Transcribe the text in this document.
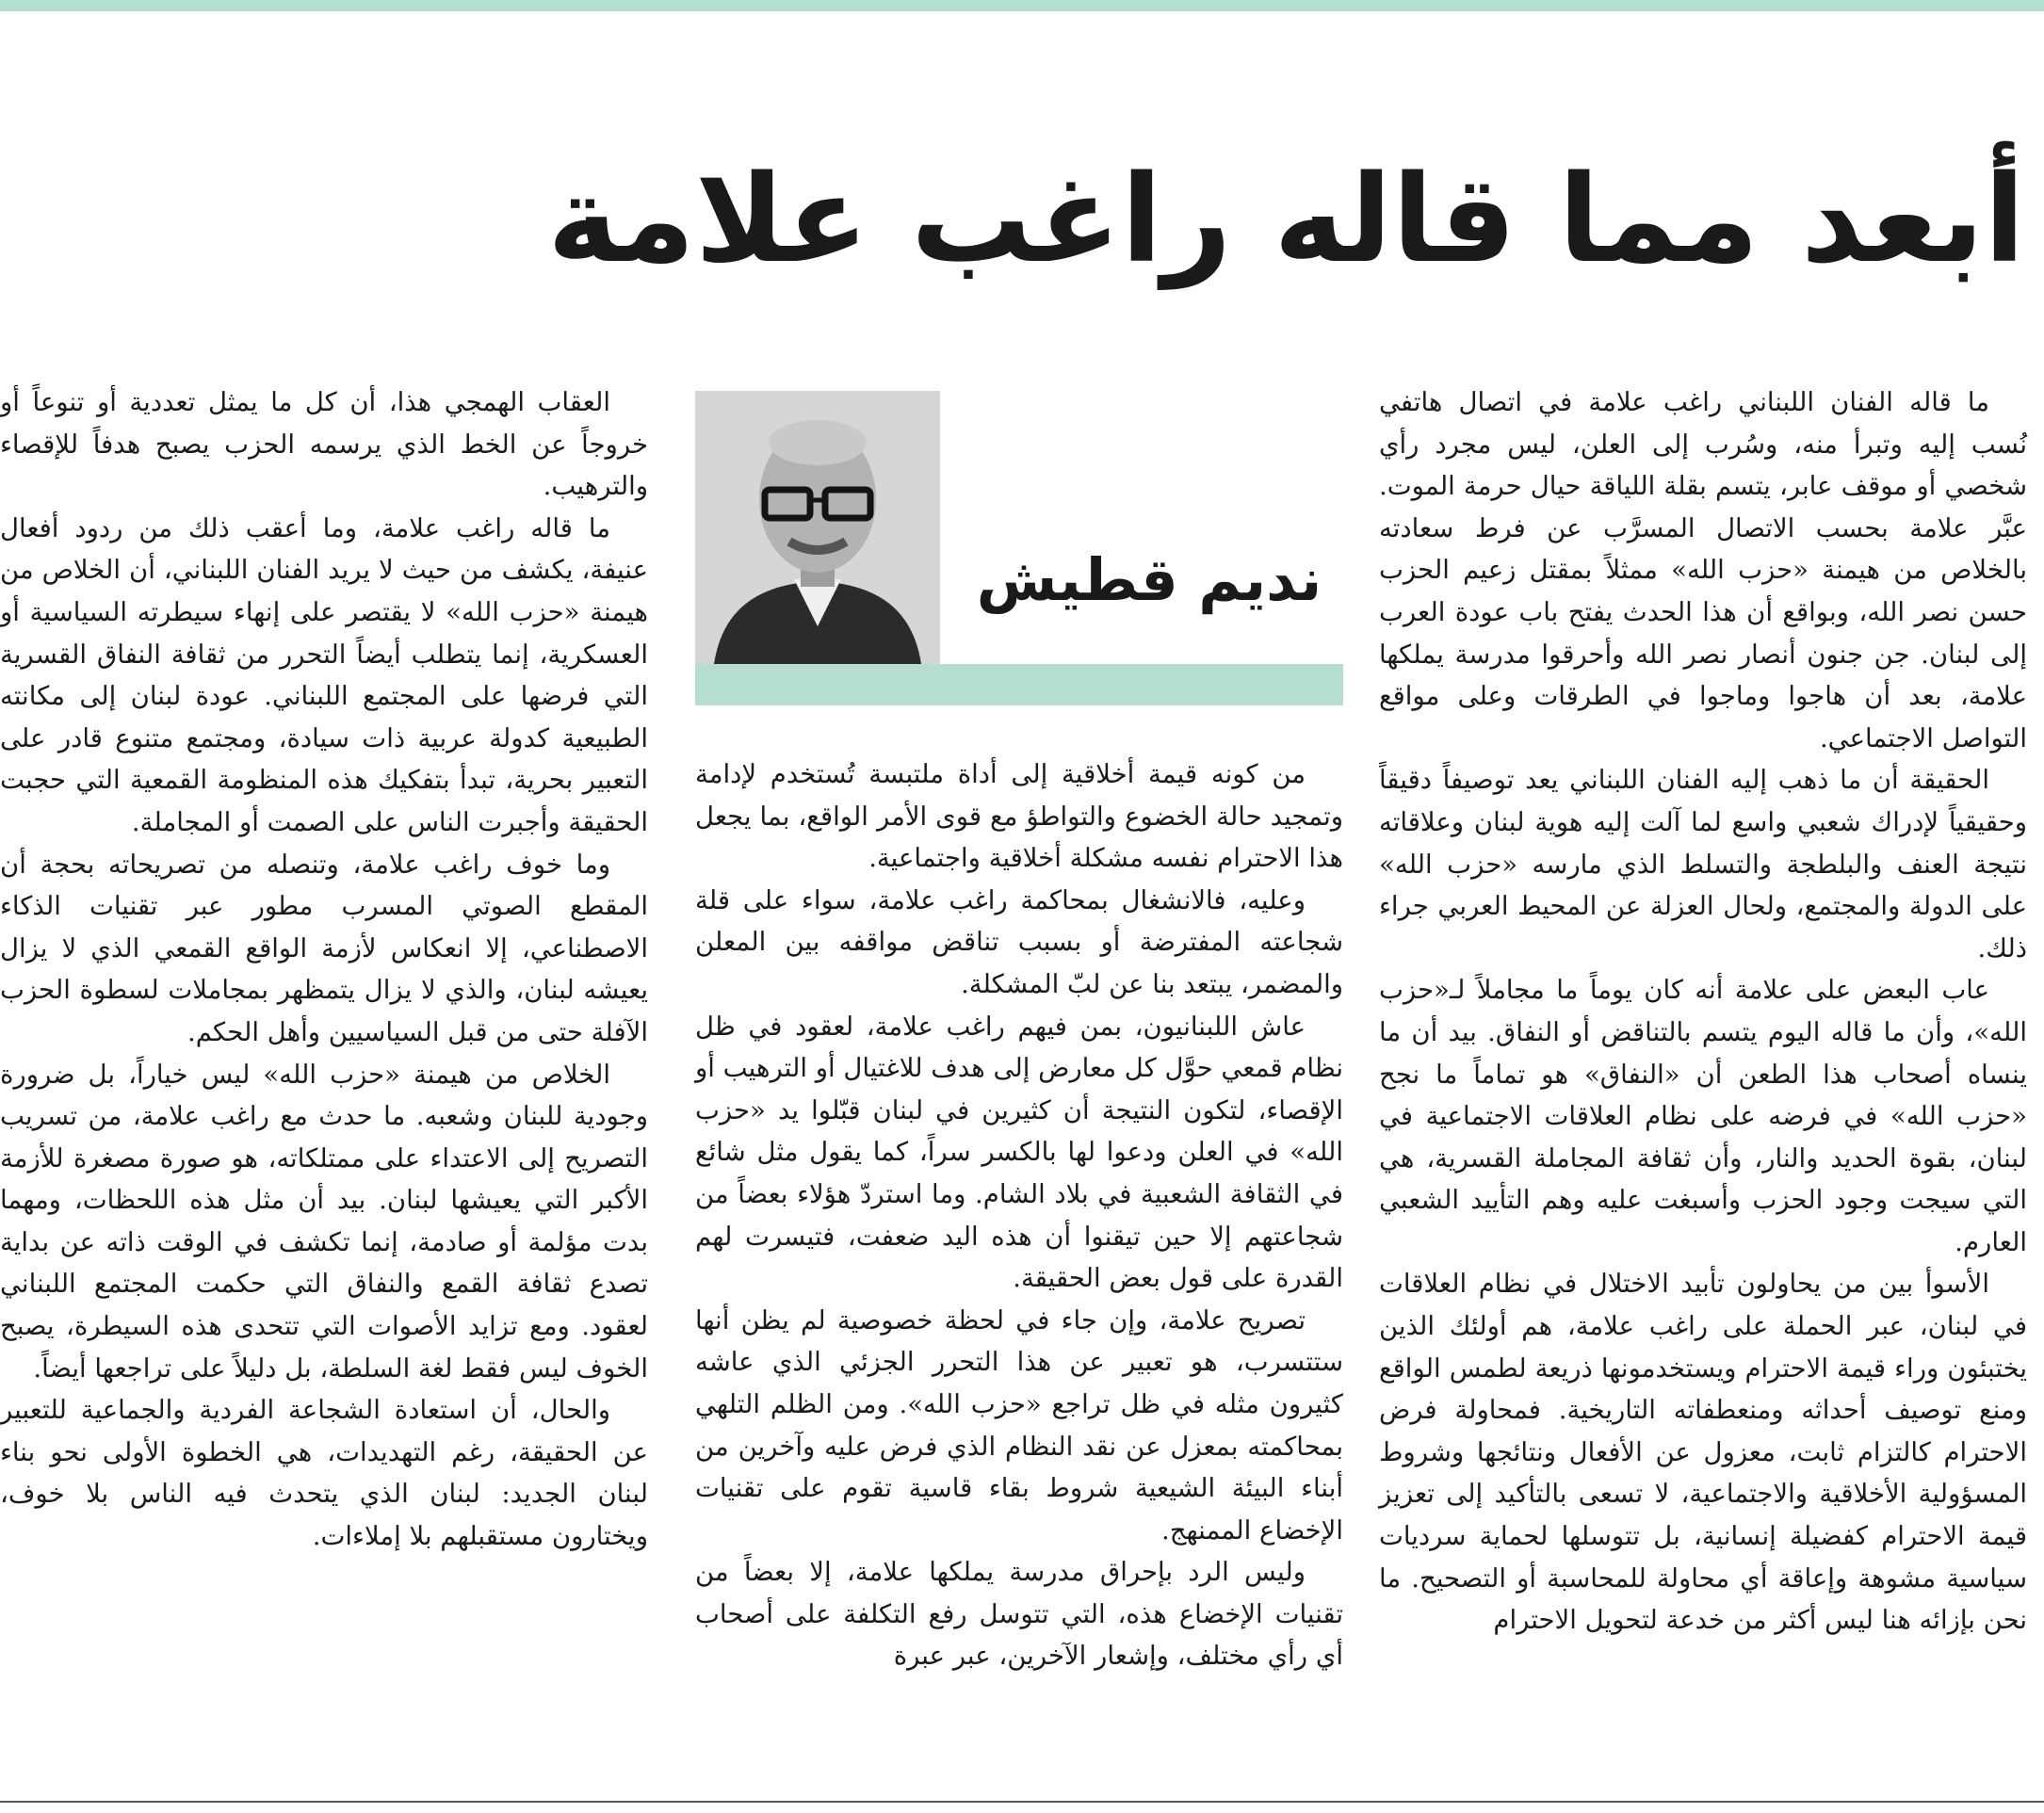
أبعد مما قاله راغب علامة
نديم قطيش

ما قاله الفنان اللبناني راغب علامة في اتصال هاتفي نُسب إليه وتبرأ منه، وسُرب إلى العلن، ليس مجرد رأي شخصي أو موقف عابر، يتسم بقلة اللياقة حيال حرمة الموت. عبَّر علامة بحسب الاتصال المسرَّب عن فرط سعادته بالخلاص من هيمنة «حزب الله» ممثلاً بمقتل زعيم الحزب حسن نصر الله، وبواقع أن هذا الحدث يفتح باب عودة العرب إلى لبنان. جن جنون أنصار نصر الله وأحرقوا مدرسة يملكها علامة، بعد أن هاجوا وماجوا في الطرقات وعلى مواقع التواصل الاجتماعي.

الحقيقة أن ما ذهب إليه الفنان اللبناني يعد توصيفاً دقيقاً وحقيقياً لإدراك شعبي واسع لما آلت إليه هوية لبنان وعلاقاته نتيجة العنف والبلطجة والتسلط الذي مارسه «حزب الله» على الدولة والمجتمع، ولحال العزلة عن المحيط العربي جراء ذلك.

عاب البعض على علامة أنه كان يوماً ما مجاملاً لـ«حزب الله»، وأن ما قاله اليوم يتسم بالتناقض أو النفاق. بيد أن ما ينساه أصحاب هذا الطعن أن «النفاق» هو تماماً ما نجح «حزب الله» في فرضه على نظام العلاقات الاجتماعية في لبنان، بقوة الحديد والنار، وأن ثقافة المجاملة القسرية، هي التي سيجت وجود الحزب وأسبغت عليه وهم التأييد الشعبي العارم.

الأسوأ بين من يحاولون تأبيد الاختلال في نظام العلاقات في لبنان، عبر الحملة على راغب علامة، هم أولئك الذين يختبئون وراء قيمة الاحترام ويستخدمونها ذريعة لطمس الواقع ومنع توصيف أحداثه ومنعطفاته التاريخية. فمحاولة فرض الاحترام كالتزام ثابت، معزول عن الأفعال ونتائجها وشروط المسؤولية الأخلاقية والاجتماعية، لا تسعى بالتأكيد إلى تعزيز قيمة الاحترام كفضيلة إنسانية، بل تتوسلها لحماية سرديات سياسية مشوهة وإعاقة أي محاولة للمحاسبة أو التصحيح. ما نحن بإزائه هنا ليس أكثر من خدعة لتحويل الاحترام

من كونه قيمة أخلاقية إلى أداة ملتبسة تُستخدم لإدامة وتمجيد حالة الخضوع والتواطؤ مع قوى الأمر الواقع، بما يجعل هذا الاحترام نفسه مشكلة أخلاقية واجتماعية.

وعليه، فالانشغال بمحاكمة راغب علامة، سواء على قلة شجاعته المفترضة أو بسبب تناقض مواقفه بين المعلن والمضمر، يبتعد بنا عن لبّ المشكلة.

عاش اللبنانيون، بمن فيهم راغب علامة، لعقود في ظل نظام قمعي حوَّل كل معارض إلى هدف للاغتيال أو الترهيب أو الإقصاء، لتكون النتيجة أن كثيرين في لبنان قبّلوا يد «حزب الله» في العلن ودعوا لها بالكسر سراً، كما يقول مثل شائع في الثقافة الشعبية في بلاد الشام. وما استردّ هؤلاء بعضاً من شجاعتهم إلا حين تيقنوا أن هذه اليد ضعفت، فتيسرت لهم القدرة على قول بعض الحقيقة.

تصريح علامة، وإن جاء في لحظة خصوصية لم يظن أنها ستتسرب، هو تعبير عن هذا التحرر الجزئي الذي عاشه كثيرون مثله في ظل تراجع «حزب الله». ومن الظلم التلهي بمحاكمته بمعزل عن نقد النظام الذي فرض عليه وآخرين من أبناء البيئة الشيعية شروط بقاء قاسية تقوم على تقنيات الإخضاع الممنهج.

وليس الرد بإحراق مدرسة يملكها علامة، إلا بعضاً من تقنيات الإخضاع هذه، التي تتوسل رفع التكلفة على أصحاب أي رأي مختلف، وإشعار الآخرين، عبر عبرة

العقاب الهمجي هذا، أن كل ما يمثل تعددية أو تنوعاً أو خروجاً عن الخط الذي يرسمه الحزب يصبح هدفاً للإقصاء والترهيب.

ما قاله راغب علامة، وما أعقب ذلك من ردود أفعال عنيفة، يكشف من حيث لا يريد الفنان اللبناني، أن الخلاص من هيمنة «حزب الله» لا يقتصر على إنهاء سيطرته السياسية أو العسكرية، إنما يتطلب أيضاً التحرر من ثقافة النفاق القسرية التي فرضها على المجتمع اللبناني. عودة لبنان إلى مكانته الطبيعية كدولة عربية ذات سيادة، ومجتمع متنوع قادر على التعبير بحرية، تبدأ بتفكيك هذه المنظومة القمعية التي حجبت الحقيقة وأجبرت الناس على الصمت أو المجاملة.

وما خوف راغب علامة، وتنصله من تصريحاته بحجة أن المقطع الصوتي المسرب مطور عبر تقنيات الذكاء الاصطناعي، إلا انعكاس لأزمة الواقع القمعي الذي لا يزال يعيشه لبنان، والذي لا يزال يتمظهر بمجاملات لسطوة الحزب الآفلة حتى من قبل السياسيين وأهل الحكم.

الخلاص من هيمنة «حزب الله» ليس خياراً، بل ضرورة وجودية للبنان وشعبه. ما حدث مع راغب علامة، من تسريب التصريح إلى الاعتداء على ممتلكاته، هو صورة مصغرة للأزمة الأكبر التي يعيشها لبنان. بيد أن مثل هذه اللحظات، ومهما بدت مؤلمة أو صادمة، إنما تكشف في الوقت ذاته عن بداية تصدع ثقافة القمع والنفاق التي حكمت المجتمع اللبناني لعقود. ومع تزايد الأصوات التي تتحدى هذه السيطرة، يصبح الخوف ليس فقط لغة السلطة، بل دليلاً على تراجعها أيضاً.

والحال، أن استعادة الشجاعة الفردية والجماعية للتعبير عن الحقيقة، رغم التهديدات، هي الخطوة الأولى نحو بناء لبنان الجديد: لبنان الذي يتحدث فيه الناس بلا خوف، ويختارون مستقبلهم بلا إملاءات.
